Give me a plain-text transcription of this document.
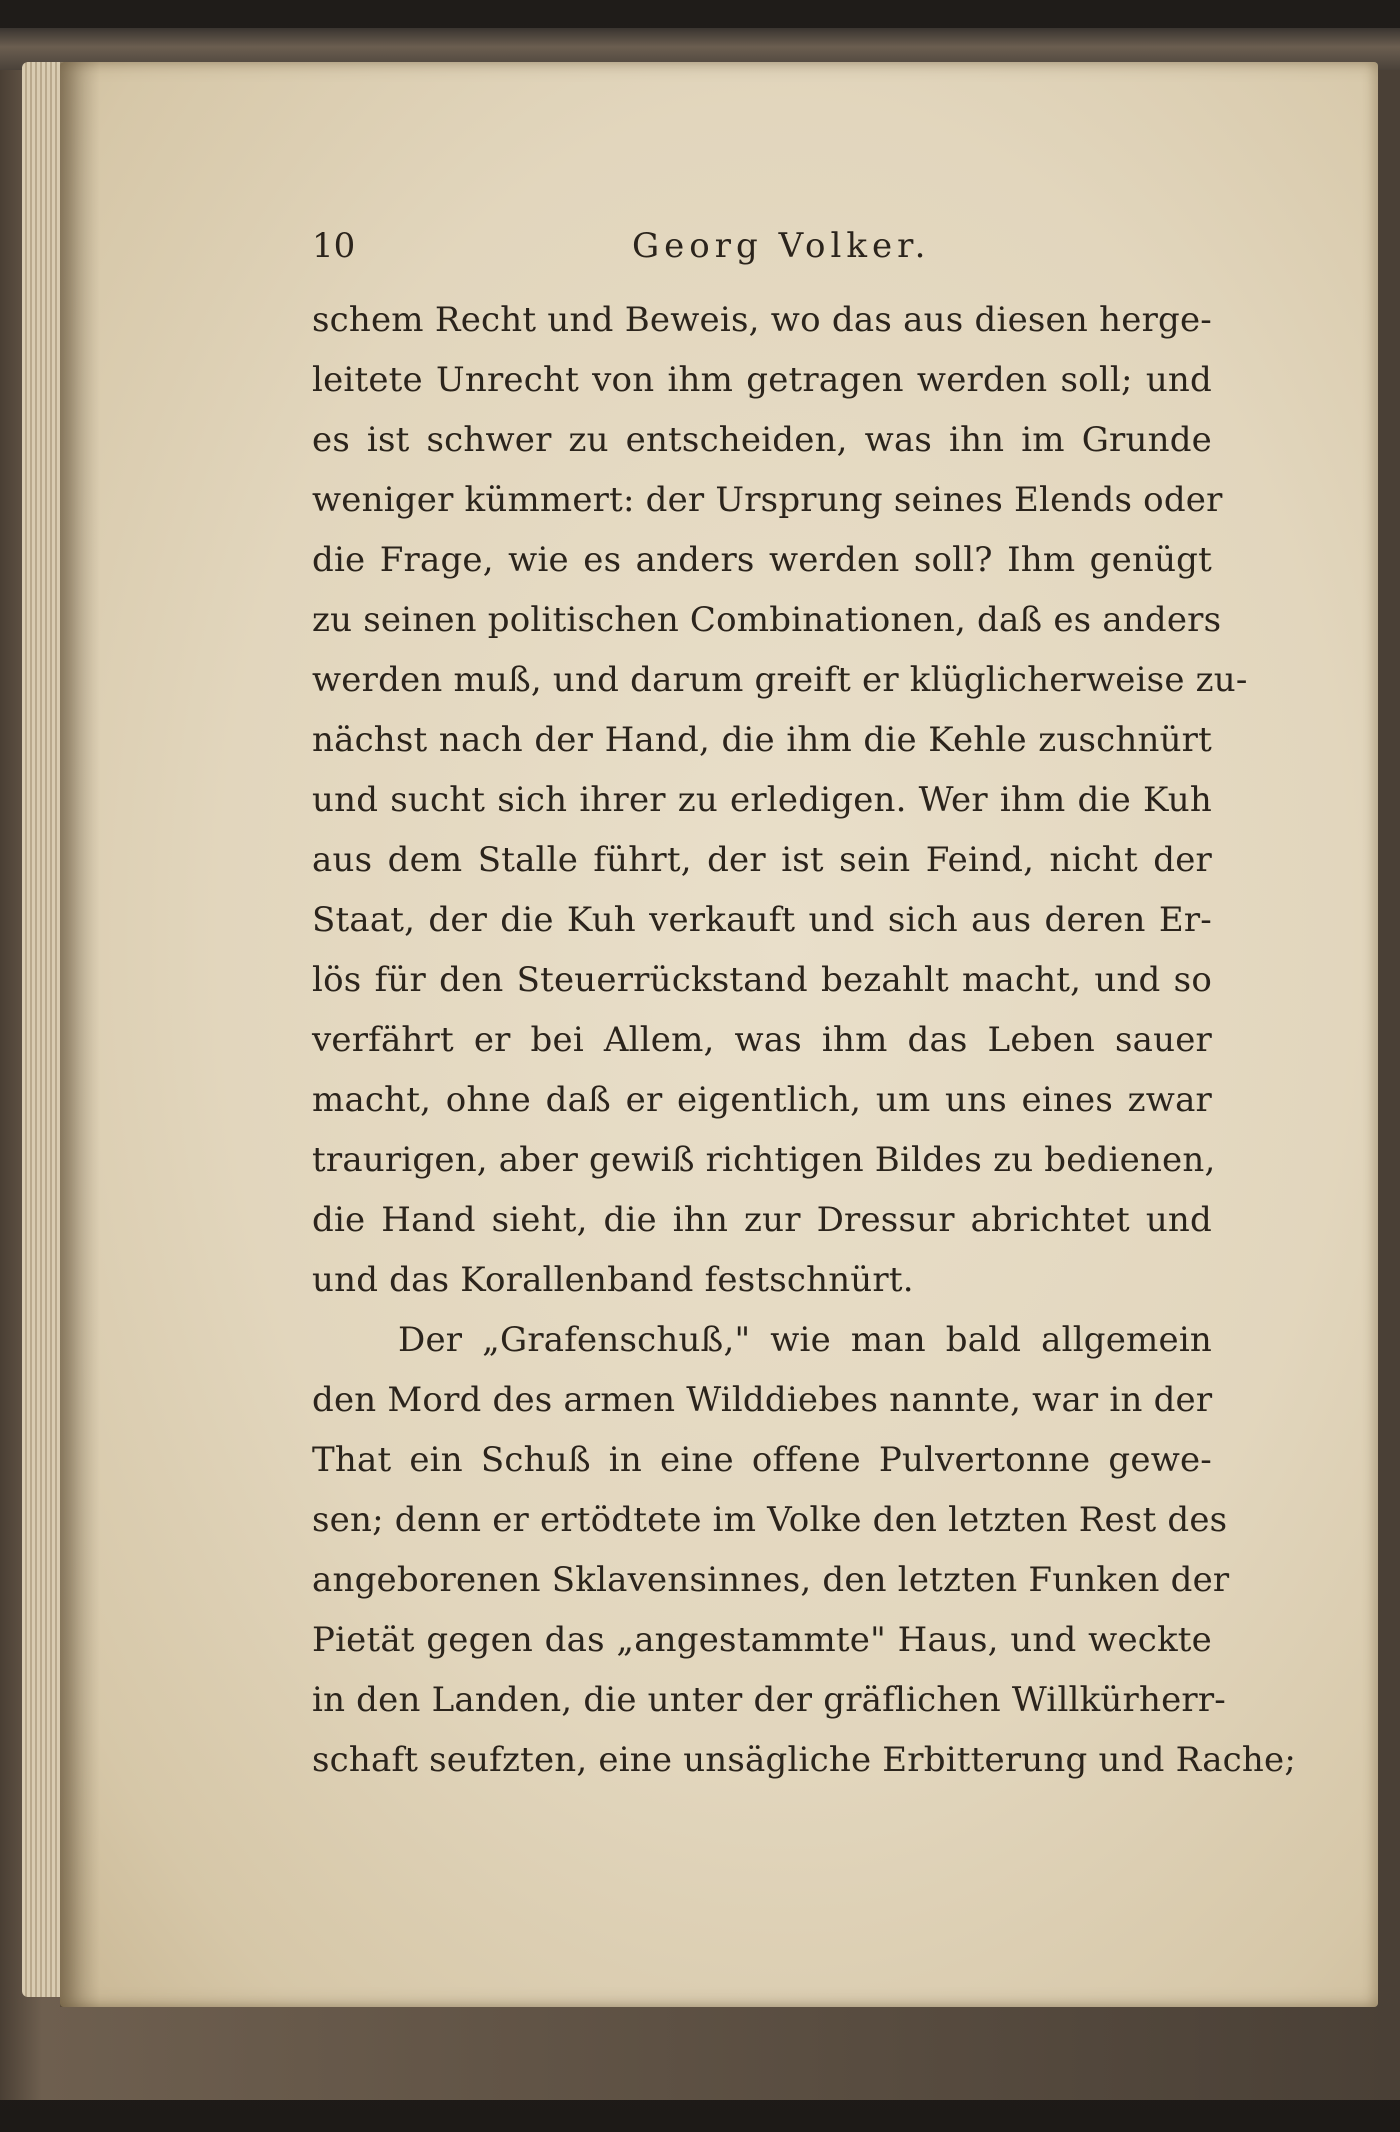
10	Georg Volker.
schem Recht und Beweis, wo das aus diesen herge-
leitete Unrecht von ihm getragen werden soll; und
es ist schwer zu entscheiden, was ihn im Grunde
weniger kümmert: der Ursprung seines Elends oder
die Frage, wie es anders werden soll? Ihm genügt
zu seinen politischen Combinationen, daß es anders
werden muß, und darum greift er klüglicherweise zu-
nächst nach der Hand, die ihm die Kehle zuschnürt
und sucht sich ihrer zu erledigen. Wer ihm die Kuh
aus dem Stalle führt, der ist sein Feind, nicht der
Staat, der die Kuh verkauft und sich aus deren Er-
lös für den Steuerrückstand bezahlt macht, und so
verfährt er bei Allem, was ihm das Leben sauer
macht, ohne daß er eigentlich, um uns eines zwar
traurigen, aber gewiß richtigen Bildes zu bedienen,
die Hand sieht, die ihn zur Dressur abrichtet und
und das Korallenband festschnürt.
Der „Grafenschuß," wie man bald allgemein
den Mord des armen Wilddiebes nannte, war in der
That ein Schuß in eine offene Pulvertonne gewe-
sen; denn er ertödtete im Volke den letzten Rest des
angeborenen Sklavensinnes, den letzten Funken der
Pietät gegen das „angestammte" Haus, und weckte
in den Landen, die unter der gräflichen Willkürherr-
schaft seufzten, eine unsägliche Erbitterung und Rache;
